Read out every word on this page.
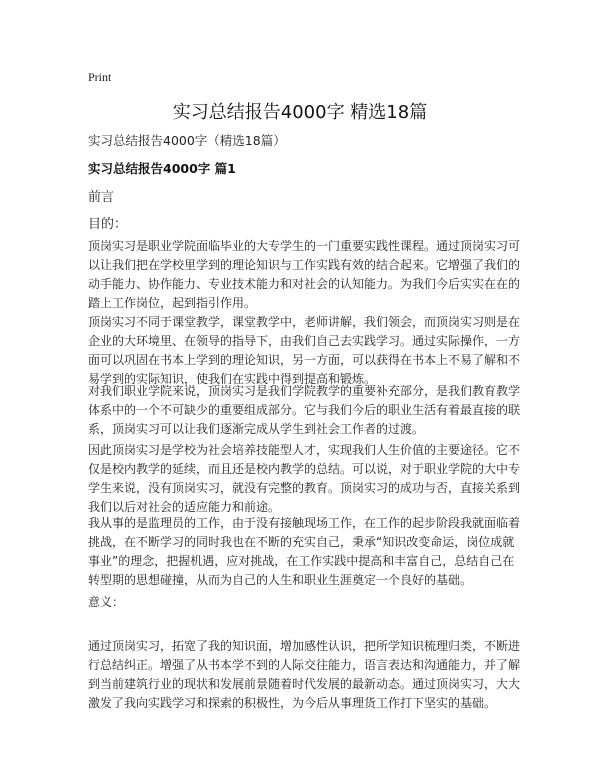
Print
实习总结报告4000字 精选18篇
实习总结报告4000字（精选18篇）
实习总结报告4000字 篇1
前言
目的：
顶岗实习是职业学院面临毕业的大专学生的一门重要实践性课程。通过顶岗实习可
以让我们把在学校里学到的理论知识与工作实践有效的结合起来。它增强了我们的
动手能力、协作能力、专业技术能力和对社会的认知能力。为我们今后实实在在的
踏上工作岗位，起到指引作用。
顶岗实习不同于课堂教学，课堂教学中，老师讲解，我们领会，而顶岗实习则是在
企业的大环境里、在领导的指导下，由我们自己去实践学习。通过实际操作，一方
面可以巩固在书本上学到的理论知识，另一方面，可以获得在书本上不易了解和不
易学到的实际知识，使我们在实践中得到提高和锻炼。
对我们职业学院来说，顶岗实习是我们学院教学的重要补充部分，是我们教育教学
体系中的一个不可缺少的重要组成部分。它与我们今后的职业生活有着最直接的联
系，顶岗实习可以让我们逐渐完成从学生到社会工作者的过渡。
因此顶岗实习是学校为社会培养技能型人才，实现我们人生价值的主要途径。它不
仅是校内教学的延续，而且还是校内教学的总结。可以说，对于职业学院的大中专
学生来说，没有顶岗实习，就没有完整的教育。顶岗实习的成功与否，直接关系到
我们以后对社会的适应能力和前途。
我从事的是监理员的工作，由于没有接触现场工作，在工作的起步阶段我就面临着
挑战，在不断学习的同时我也在不断的充实自己，秉承“知识改变命运，岗位成就
事业”的理念，把握机遇，应对挑战，在工作实践中提高和丰富自己，总结自己在
转型期的思想碰撞，从而为自己的人生和职业生涯奠定一个良好的基础。
意义：
通过顶岗实习，拓宽了我的知识面，增加感性认识，把所学知识梳理归类，不断进
行总结纠正。增强了从书本学不到的人际交往能力，语言表达和沟通能力，并了解
到当前建筑行业的现状和发展前景随着时代发展的最新动态。通过顶岗实习，大大
激发了我向实践学习和探索的积极性，为今后从事理货工作打下坚实的基础。
